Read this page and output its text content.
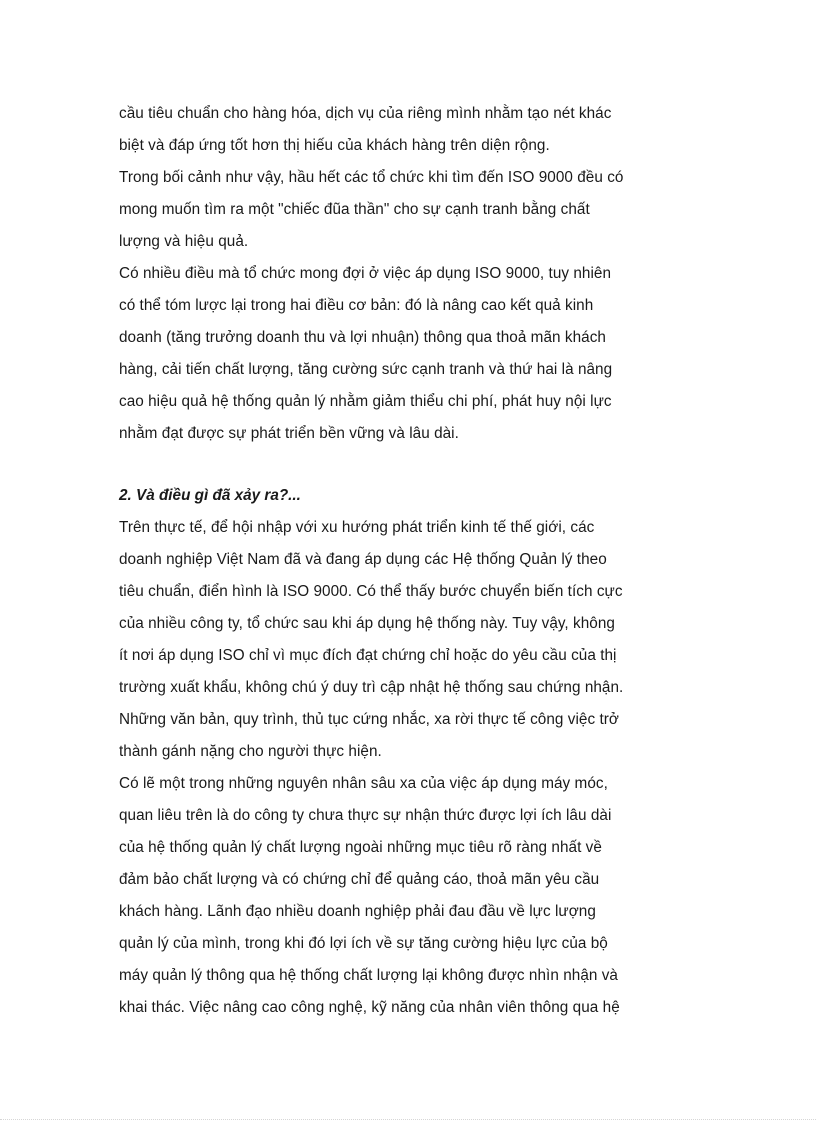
cầu tiêu chuẩn cho hàng hóa, dịch vụ của riêng mình nhằm tạo nét khác
biệt và đáp ứng tốt hơn thị hiếu của khách hàng trên diện rộng.

Trong bối cảnh như vậy, hầu hết các tổ chức khi tìm đến ISO 9000 đều có
mong muốn tìm ra một "chiếc đũa thần" cho sự cạnh tranh bằng chất
lượng và hiệu quả.

Có nhiều điều mà tổ chức mong đợi ở việc áp dụng ISO 9000, tuy nhiên
có thể tóm lược lại trong hai điều cơ bản: đó là nâng cao kết quả kinh
doanh (tăng trưởng doanh thu và lợi nhuận) thông qua thoả mãn khách
hàng, cải tiến chất lượng, tăng cường sức cạnh tranh và thứ hai là nâng
cao hiệu quả hệ thống quản lý nhằm giảm thiểu chi phí, phát huy nội lực
nhằm đạt được sự phát triển bền vững và lâu dài.

2. Và điều gì đã xảy ra?...

Trên thực tế, để hội nhập với xu hướng phát triển kinh tế thế giới, các
doanh nghiệp Việt Nam đã và đang áp dụng các Hệ thống Quản lý theo
tiêu chuẩn, điển hình là ISO 9000. Có thể thấy bước chuyển biến tích cực
của nhiều công ty, tổ chức sau khi áp dụng hệ thống này. Tuy vậy, không
ít nơi áp dụng ISO chỉ vì mục đích đạt chứng chỉ hoặc do yêu cầu của thị
trường xuất khẩu, không chú ý duy trì cập nhật hệ thống sau chứng nhận.
Những văn bản, quy trình, thủ tục cứng nhắc, xa rời thực tế công việc trở
thành gánh nặng cho người thực hiện.

Có lẽ một trong những nguyên nhân sâu xa của việc áp dụng máy móc,
quan liêu trên là do công ty chưa thực sự nhận thức được lợi ích lâu dài
của hệ thống quản lý chất lượng ngoài những mục tiêu rõ ràng nhất về
đảm bảo chất lượng và có chứng chỉ để quảng cáo, thoả mãn yêu cầu
khách hàng. Lãnh đạo nhiều doanh nghiệp phải đau đầu về lực lượng
quản lý của mình, trong khi đó lợi ích về sự tăng cường hiệu lực của bộ
máy quản lý thông qua hệ thống chất lượng lại không được nhìn nhận và
khai thác. Việc nâng cao công nghệ, kỹ năng của nhân viên thông qua hệ
